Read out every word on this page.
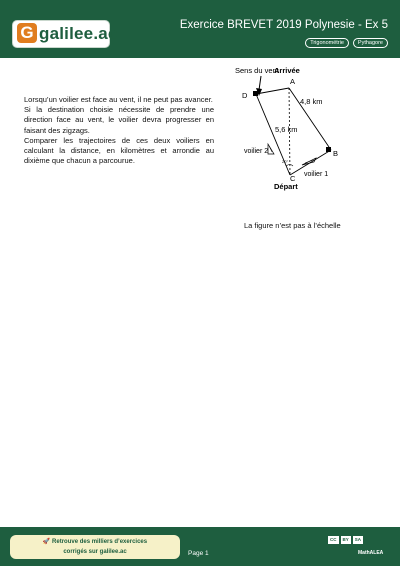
G galilee.ac	Exercice BREVET 2019 Polynesie - Ex 5
Trigonométrie	Pythagore

Lorsqu’un voilier est face au vent, il ne peut pas avancer.

Si la destination choisie nécessite de prendre une direction face au vent, le voilier devra progresser en faisant des zigzags.

Comparer les trajectoires de ces deux voiliers en calculant la distance, en kilomètres et arrondie au dixième que chacun a parcourue.

Sens du vent
Arrivée
A
D
4,8 km
5,6 km
voilier 2	B
20°
voilier 1
C
Départ
La figure n’est pas à l’échelle
🚀 Retrouve des milliers d’exercices
corrigés sur galilee.ac	Page 1
CC	BY	SA
MathALEA
